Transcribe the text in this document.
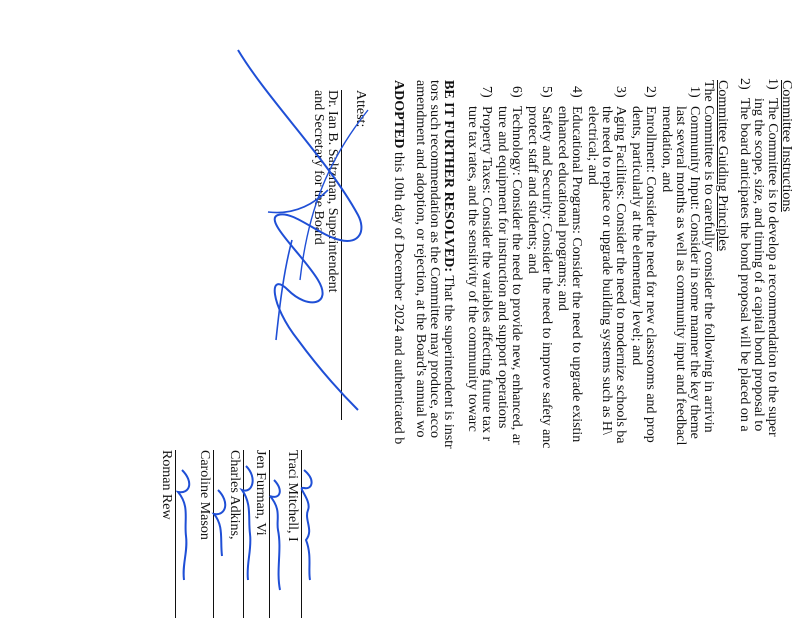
Committee Instructions
1)
The Committee is to develop a recommendation to the super
ing the scope, size, and timing of a capital bond proposal to
2)
The board anticipates the bond proposal will be placed on a
Committee Guiding Principles
The Committee is to carefully consider the following in arrivin
1)
Community Input: Consider in some manner the key theme
last several months as well as community input and feedbacl
mendation, and
2)
Enrollment: Consider the need for new classrooms and prop
dents, particularly at the elementary level; and
3)
Aging Facilities: Consider the need to modernize schools ba
the need to replace or upgrade building systems such as H\
electrical; and
4)
Educational Programs: Consider the need to upgrade existin
enhanced educational programs; and
5)
Safety and Security: Consider the need to improve safety anc
protect staff and students; and
6)
Technology: Consider the need to provide new, enhanced, ar
ture and equipment for instruction and support operations
7)
Property Taxes: Consider the variables affecting future tax r
ture tax rates, and the sensitivity of the community towarc
BE IT FURTHER RESOLVED: That the superintendent is instr
tors such recommendation as the Committee may produce, acco
amendment and adoption, or rejection, at the Board's annual wo
ADOPTED this 10th day of December 2024 and authenticated b
Attest:
Dr. Ian B. Saltzman, Superintendent
and Secretary for the Board
Traci Mitchell, I
Jen Furman, Vi
Charles Adkins,
Caroline Mason
Roman Rew
